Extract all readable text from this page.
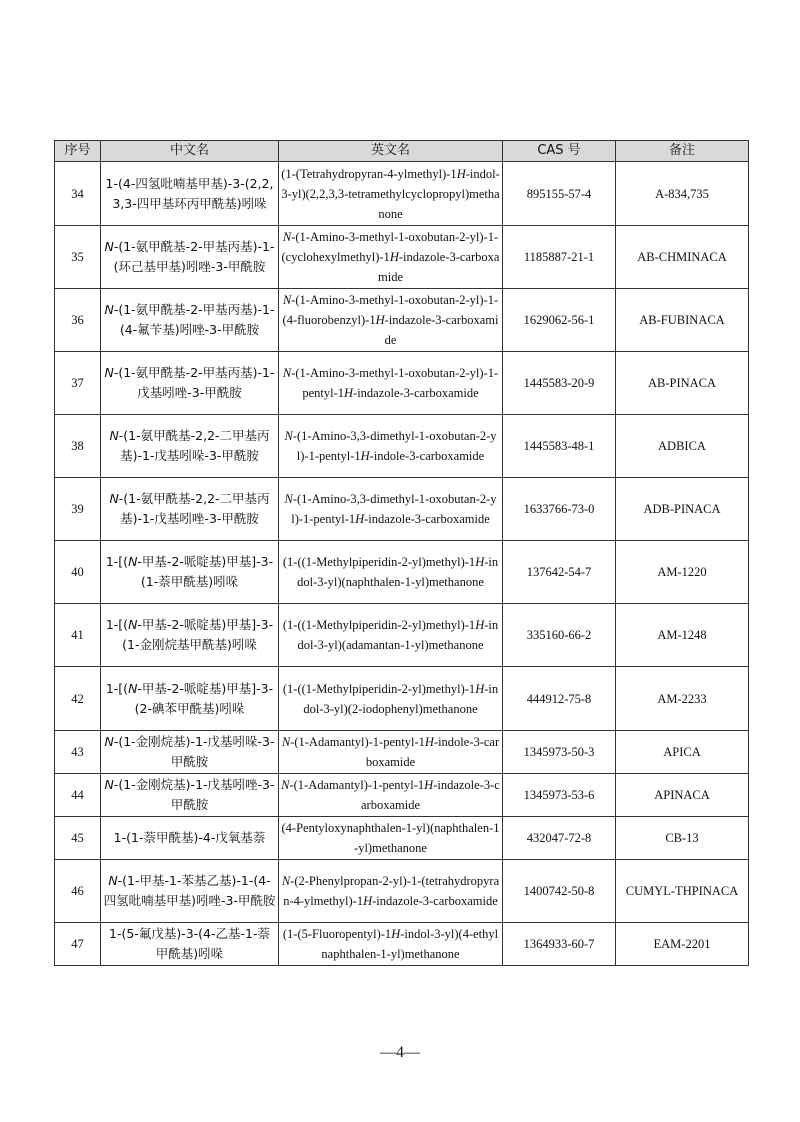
序号	中文名	英文名	CAS 号	备注
34	1-(4-四氢吡喃基甲基)-3-(2,2,3,3-四甲基环丙甲酰基)吲哚	(1-(Tetrahydropyran-4-ylmethyl)-1H-indol-3-yl)(2,2,3,3-tetramethylcyclopropyl)methanone	895155-57-4	A-834,735
35	N-(1-氨甲酰基-2-甲基丙基)-1-(环己基甲基)吲唑-3-甲酰胺	N-(1-Amino-3-methyl-1-oxobutan-2-yl)-1-(cyclohexylmethyl)-1H-indazole-3-carboxamide	1185887-21-1	AB-CHMINACA
36	N-(1-氨甲酰基-2-甲基丙基)-1-(4-氟苄基)吲唑-3-甲酰胺	N-(1-Amino-3-methyl-1-oxobutan-2-yl)-1-(4-fluorobenzyl)-1H-indazole-3-carboxamide	1629062-56-1	AB-FUBINACA
37	N-(1-氨甲酰基-2-甲基丙基)-1-戊基吲唑-3-甲酰胺	N-(1-Amino-3-methyl-1-oxobutan-2-yl)-1-pentyl-1H-indazole-3-carboxamide	1445583-20-9	AB-PINACA
38	N-(1-氨甲酰基-2,2-二甲基丙基)-1-戊基吲哚-3-甲酰胺	N-(1-Amino-3,3-dimethyl-1-oxobutan-2-yl)-1-pentyl-1H-indole-3-carboxamide	1445583-48-1	ADBICA
39	N-(1-氨甲酰基-2,2-二甲基丙基)-1-戊基吲唑-3-甲酰胺	N-(1-Amino-3,3-dimethyl-1-oxobutan-2-yl)-1-pentyl-1H-indazole-3-carboxamide	1633766-73-0	ADB-PINACA
40	1-[(N-甲基-2-哌啶基)甲基]-3-(1-萘甲酰基)吲哚	(1-((1-Methylpiperidin-2-yl)methyl)-1H-indol-3-yl)(naphthalen-1-yl)methanone	137642-54-7	AM-1220
41	1-[(N-甲基-2-哌啶基)甲基]-3-(1-金刚烷基甲酰基)吲哚	(1-((1-Methylpiperidin-2-yl)methyl)-1H-indol-3-yl)(adamantan-1-yl)methanone	335160-66-2	AM-1248
42	1-[(N-甲基-2-哌啶基)甲基]-3-(2-碘苯甲酰基)吲哚	(1-((1-Methylpiperidin-2-yl)methyl)-1H-indol-3-yl)(2-iodophenyl)methanone	444912-75-8	AM-2233
43	N-(1-金刚烷基)-1-戊基吲哚-3-甲酰胺	N-(1-Adamantyl)-1-pentyl-1H-indole-3-carboxamide	1345973-50-3	APICA
44	N-(1-金刚烷基)-1-戊基吲唑-3-甲酰胺	N-(1-Adamantyl)-1-pentyl-1H-indazole-3-carboxamide	1345973-53-6	APINACA
45	1-(1-萘甲酰基)-4-戊氧基萘	(4-Pentyloxynaphthalen-1-yl)(naphthalen-1-yl)methanone	432047-72-8	CB-13
46	N-(1-甲基-1-苯基乙基)-1-(4-四氢吡喃基甲基)吲唑-3-甲酰胺	N-(2-Phenylpropan-2-yl)-1-(tetrahydropyran-4-ylmethyl)-1H-indazole-3-carboxamide	1400742-50-8	CUMYL-THPINACA
47	1-(5-氟戊基)-3-(4-乙基-1-萘甲酰基)吲哚	(1-(5-Fluoropentyl)-1H-indol-3-yl)(4-ethylnaphthalen-1-yl)methanone	1364933-60-7	EAM-2201
—4—
